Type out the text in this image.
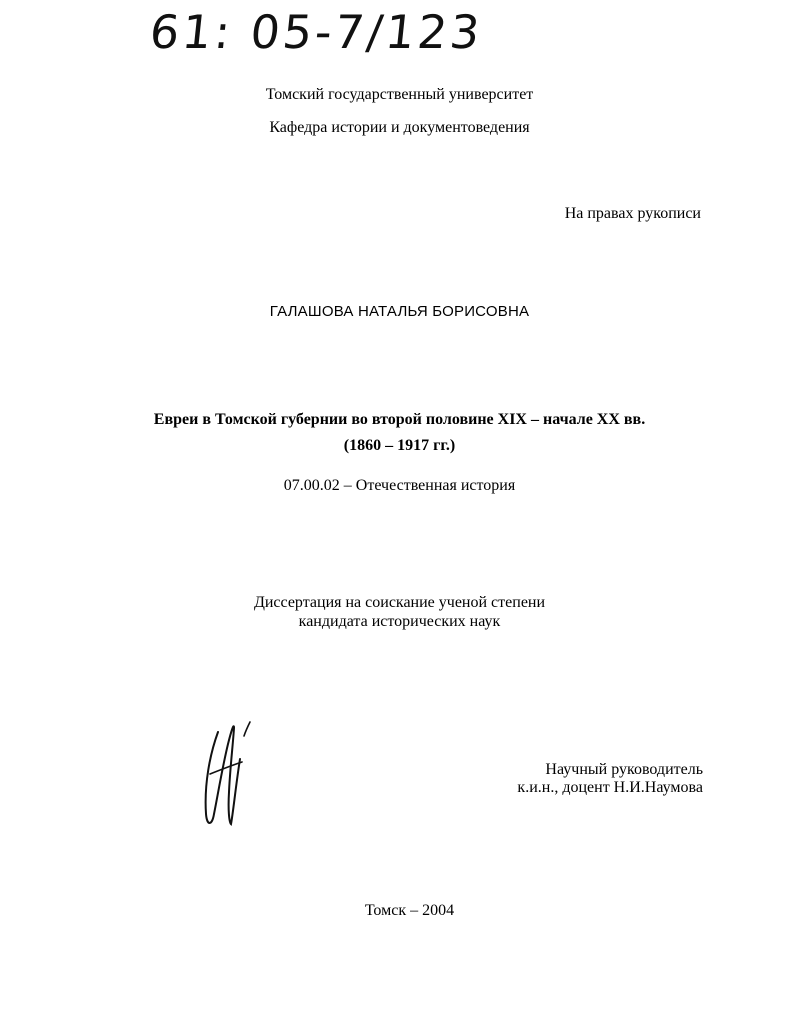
61: 05-7/123
Томский государственный университет
Кафедра истории и документоведения
На правах рукописи
ГАЛАШОВА НАТАЛЬЯ БОРИСОВНА
Евреи в Томской губернии во второй половине XIX – начале XX вв.
(1860 – 1917 гг.)
07.00.02 – Отечественная история
Диссертация на соискание ученой степени
кандидата исторических наук
Научный руководитель
к.и.н., доцент Н.И.Наумова
Томск – 2004
